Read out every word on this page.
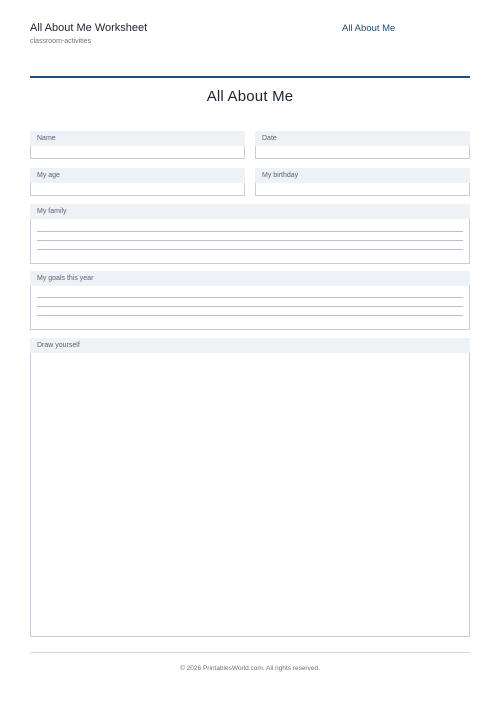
All About Me Worksheet
classroom-activities
All About Me
All About Me
Name	Date
My age	My birthday
My family
My goals this year
Draw yourself
© 2026 PrintablesWorld.com. All rights reserved.
